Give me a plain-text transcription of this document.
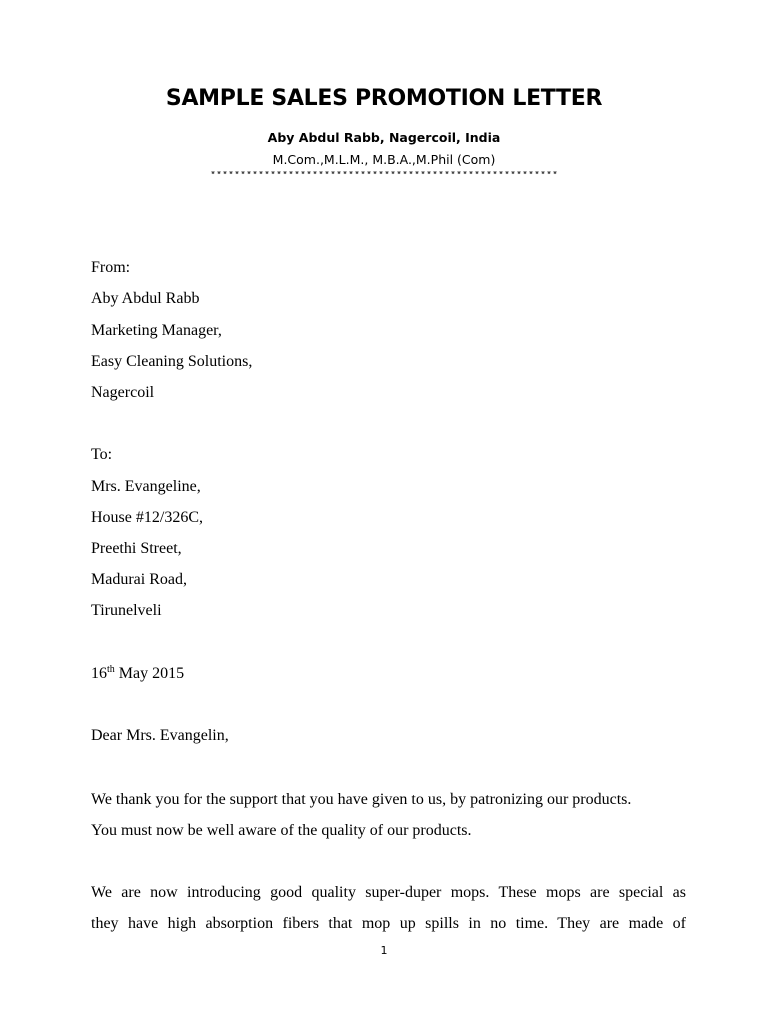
SAMPLE SALES PROMOTION LETTER
Aby Abdul Rabb, Nagercoil, India
M.Com.,M.L.M., M.B.A.,M.Phil (Com)
**********************************************************
From:
Aby Abdul Rabb
Marketing Manager,
Easy Cleaning Solutions,
Nagercoil
To:
Mrs. Evangeline,
House #12/326C,
Preethi Street,
Madurai Road,
Tirunelveli
16th May 2015
Dear Mrs. Evangelin,
We thank you for the support that you have given to us, by patronizing our products.
You must now be well aware of the quality of our products.
We are now introducing good quality super-duper mops. These mops are special as
they have high absorption fibers that mop up spills in no time. They are made of
1
